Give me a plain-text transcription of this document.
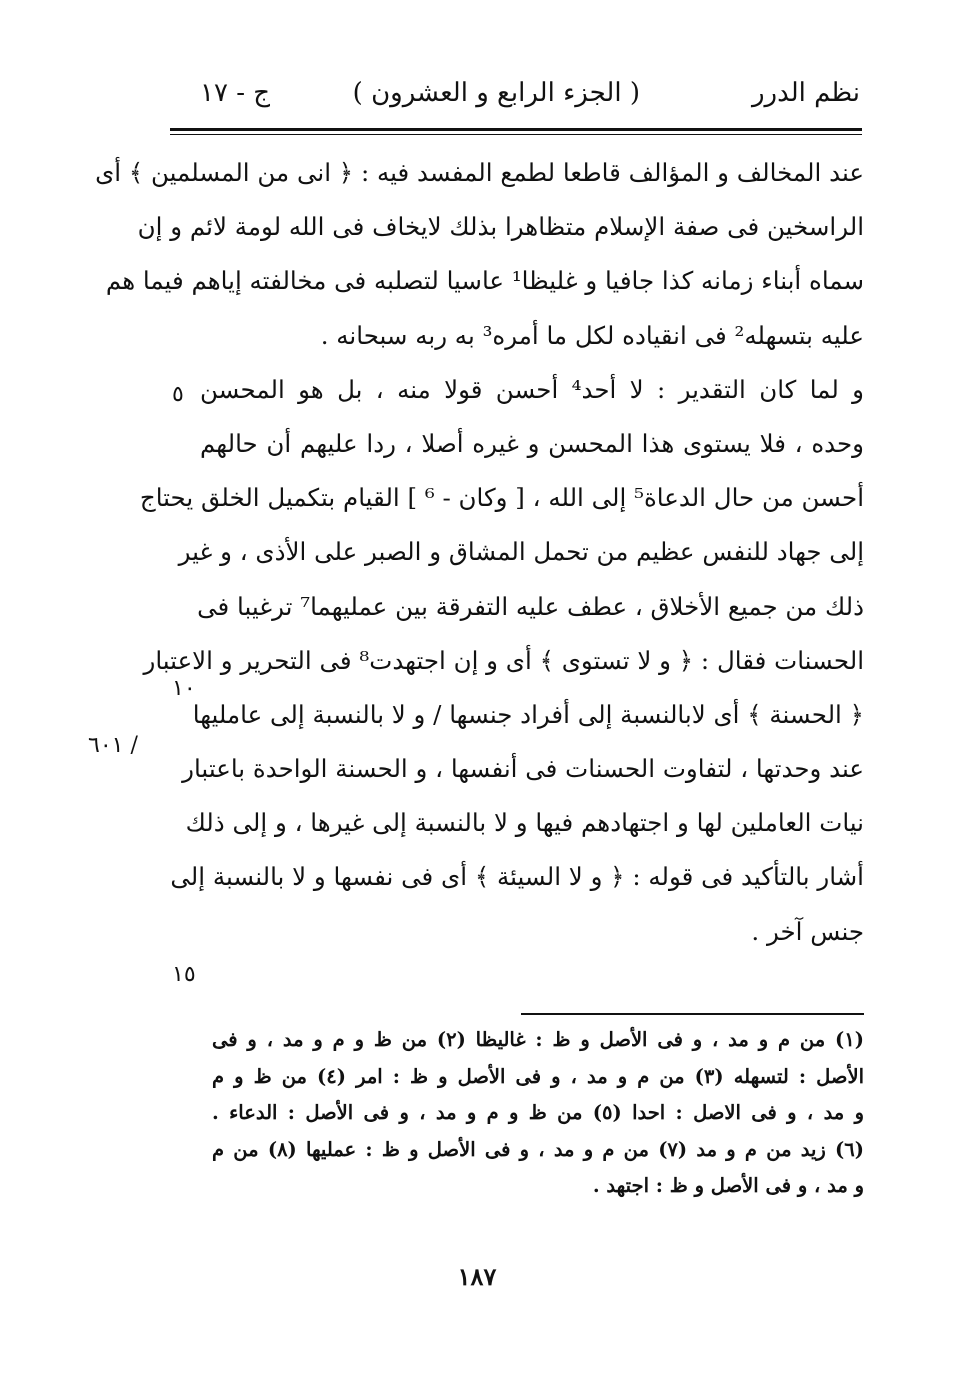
نظم الدرر
( الجزء الرابع و العشرون )
ج - ١٧
عند المخالف و المؤالف قاطعا لطمع المفسد فيه : ﴿ انى من المسلمين ﴾ أى
الراسخين فى صفة الإسلام متظاهرا بذلك لايخاف فى الله لومة لائم و إن
سماه أبناء زمانه كذا جافيا و غليظا¹ عاسيا لتصلبه فى مخالفته إياهم فيما هم
عليه بتسهله² فى انقياده لكل ما أمره³ به ربه سبحانه .
و لما كان التقدير : لا أحد⁴ أحسن قولا منه ، بل هو المحسن
وحده ، فلا يستوى هذا المحسن و غيره أصلا ، ردا عليهم أن حالهم
أحسن من حال الدعاة⁵ إلى الله ، [ وكان - ⁶ ] القيام بتكميل الخلق يحتاج
إلى جهاد للنفس عظيم من تحمل المشاق و الصبر على الأذى ، و غير
ذلك من جميع الأخلاق ، عطف عليه التفرقة بين عمليهما⁷ ترغيبا فى
الحسنات فقال : ﴿ و لا تستوى ﴾ أى و إن اجتهدت⁸ فى التحرير و الاعتبار
﴿ الحسنة ﴾ أى لابالنسبة إلى أفراد جنسها / و لا بالنسبة إلى عامليها
عند وحدتها ، لتفاوت الحسنات فى أنفسها ، و الحسنة الواحدة باعتبار
نيات العاملين لها و اجتهادهم فيها و لا بالنسبة إلى غيرها ، و إلى ذلك
أشار بالتأكيد فى قوله : ﴿ و لا السيئة ﴾ أى فى نفسها و لا بالنسبة إلى
جنس آخر .
٥
١٠
١٥
٦٠١ /
(١) من م و مد ، و فى الأصل و ظ : غاليظا (٢) من ظ و م و مد ، و فى
الأصل : لتسهله (٣) من م و مد ، و فى الأصل و ظ : امر (٤) من ظ و م
و مد ، و فى الاصل : احدا (٥) من ظ و م و مد ، و فى الأصل : الدعاء .
(٦) زيد من م و مد (٧) من م و مد ، و فى الأصل و ظ : عمليها (٨) من م
و مد ، و فى الأصل و ظ : اجتهد .
١٨٧
